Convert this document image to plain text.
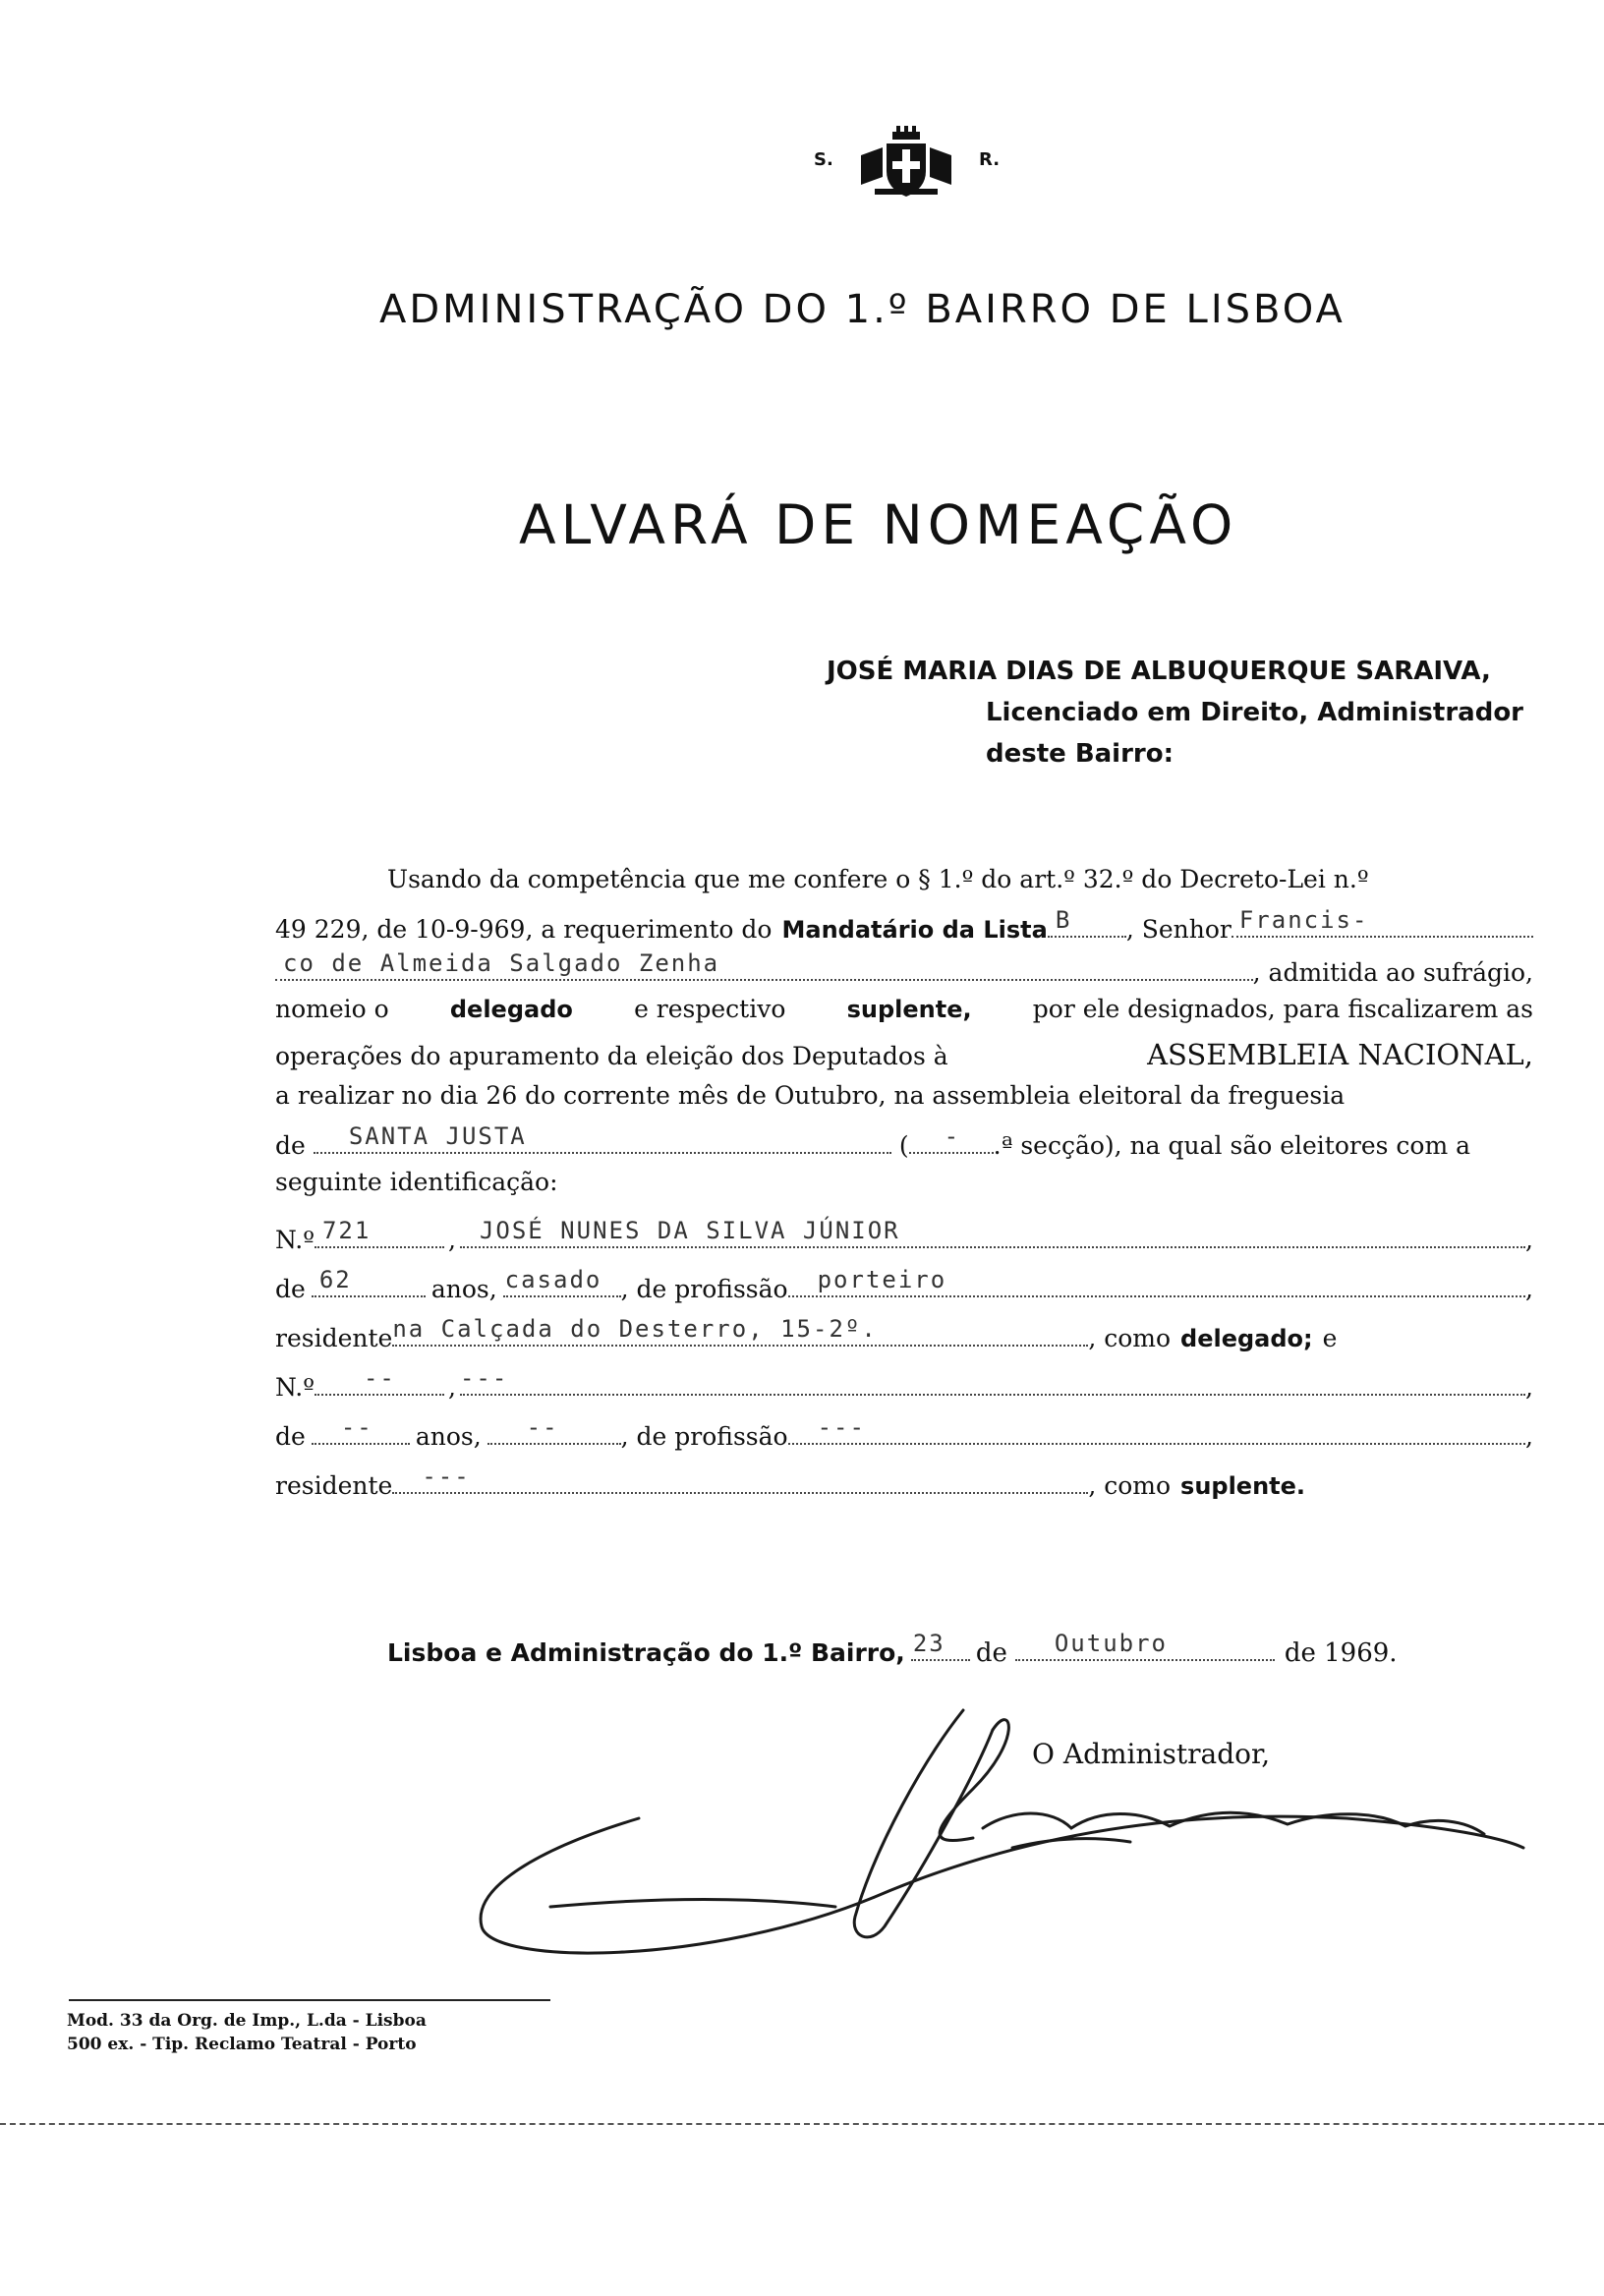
S.	R.
ADMINISTRAÇÃO DO 1.º BAIRRO DE LISBOA
ALVARÁ DE NOMEAÇÃO
JOSÉ MARIA DIAS DE ALBUQUERQUE SARAIVA,
Licenciado em Direito, Administrador
deste Bairro:
Usando da competência que me confere o § 1.º do art.º 32.º do Decreto-Lei n.º
49 229, de 10-9-969, a requerimento do Mandatário da Lista B , Senhor Francis-
co de Almeida Salgado Zenha	, admitida ao sufrágio,
nomeio o	delegado e respectivo	suplente, por ele designados, para fiscalizarem as
operações do apuramento da eleição dos Deputados à	ASSEMBLEIA NACIONAL,
a realizar no dia 26 do corrente mês de Outubro, na assembleia eleitoral da freguesia
de SANTA JUSTA	( - .ª secção), na qual são eleitores com a
seguinte identificação:
N.º 721	, JOSÉ NUNES DA SILVA JÚNIOR	,
de 62	anos, casado , de profissão porteiro	,
residente na Calçada do Desterro, 15-2º.	, como delegado; e
N.º -- , ---	,
de -- anos, --	, de profissão ---	,
residente ---	, como suplente.
Lisboa e Administração do 1.º Bairro, 23 de Outubro	de 1969.
O Administrador,
Mod. 33 da Org. de Imp., L.da - Lisboa
500 ex. - Tip. Reclamo Teatral - Porto
